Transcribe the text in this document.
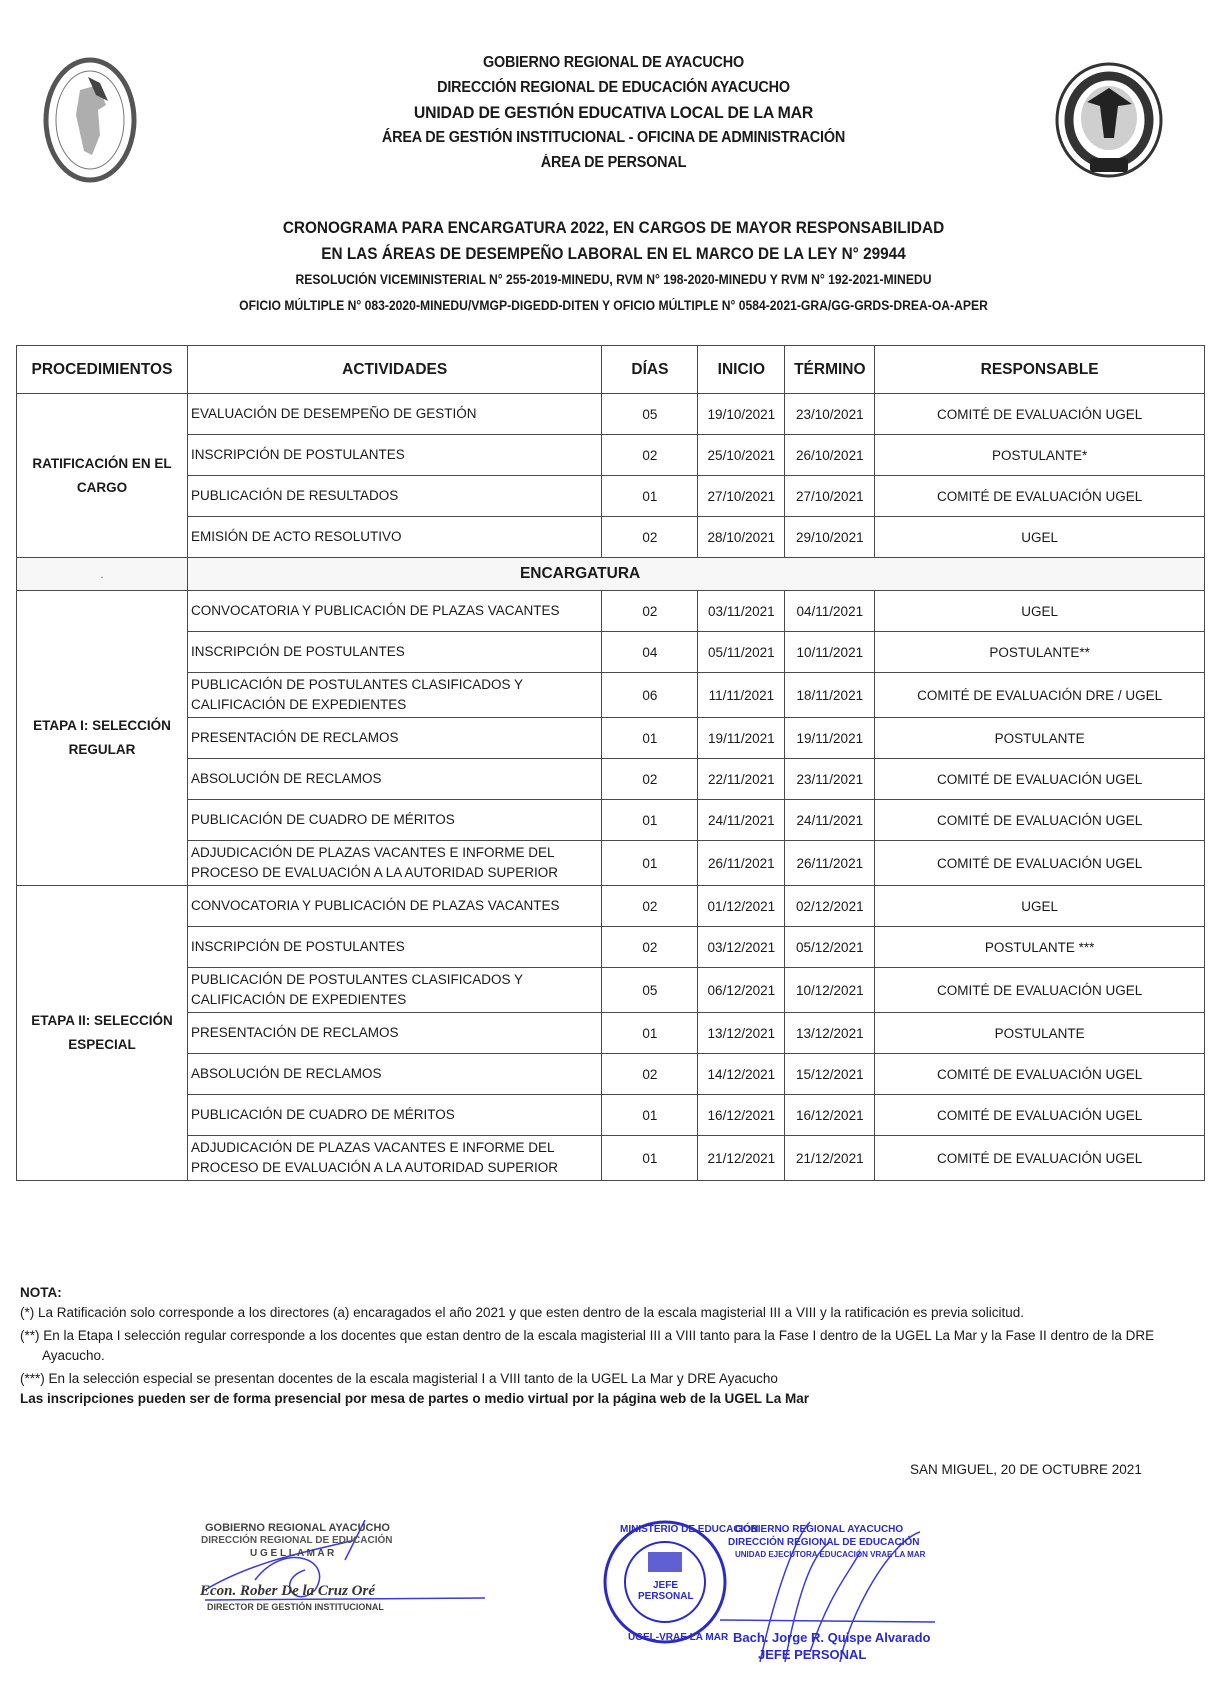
GOBIERNO REGIONAL DE AYACUCHO
DIRECCIÓN REGIONAL DE EDUCACIÓN AYACUCHO
UNIDAD DE GESTIÓN EDUCATIVA LOCAL DE LA MAR
ÁREA DE GESTIÓN INSTITUCIONAL - OFICINA DE ADMINISTRACIÓN
ÁREA DE PERSONAL
CRONOGRAMA PARA ENCARGATURA 2022, EN CARGOS DE MAYOR RESPONSABILIDAD
EN LAS ÁREAS DE DESEMPEÑO LABORAL EN EL MARCO DE LA LEY N° 29944
RESOLUCIÓN VICEMINISTERIAL N° 255-2019-MINEDU, RVM N° 198-2020-MINEDU Y RVM N° 192-2021-MINEDU
OFICIO MÚLTIPLE N° 083-2020-MINEDU/VMGP-DIGEDD-DITEN Y OFICIO MÚLTIPLE N° 0584-2021-GRA/GG-GRDS-DREA-OA-APER
PROCEDIMIENTOS	ACTIVIDADES	DÍAS	INICIO	TÉRMINO	RESPONSABLE
RATIFICACIÓN EN EL CARGO	EVALUACIÓN DE DESEMPEÑO DE GESTIÓN	05	19/10/2021	23/10/2021	COMITÉ DE EVALUACIÓN UGEL
	INSCRIPCIÓN DE POSTULANTES	02	25/10/2021	26/10/2021	POSTULANTE*
	PUBLICACIÓN DE RESULTADOS	01	27/10/2021	27/10/2021	COMITÉ DE EVALUACIÓN UGEL
	EMISIÓN DE ACTO RESOLUTIVO	02	28/10/2021	29/10/2021	UGEL
.	ENCARGATURA				
ETAPA I: SELECCIÓN REGULAR	CONVOCATORIA Y PUBLICACIÓN DE PLAZAS VACANTES	02	03/11/2021	04/11/2021	UGEL
	INSCRIPCIÓN DE POSTULANTES	04	05/11/2021	10/11/2021	POSTULANTE**
	PUBLICACIÓN DE POSTULANTES CLASIFICADOS Y CALIFICACIÓN DE EXPEDIENTES	06	11/11/2021	18/11/2021	COMITÉ DE EVALUACIÓN DRE / UGEL
	PRESENTACIÓN DE RECLAMOS	01	19/11/2021	19/11/2021	POSTULANTE
	ABSOLUCIÓN DE RECLAMOS	02	22/11/2021	23/11/2021	COMITÉ DE EVALUACIÓN UGEL
	PUBLICACIÓN DE CUADRO DE MÉRITOS	01	24/11/2021	24/11/2021	COMITÉ DE EVALUACIÓN UGEL
	ADJUDICACIÓN DE PLAZAS VACANTES E INFORME DEL PROCESO DE EVALUACIÓN A LA AUTORIDAD SUPERIOR	01	26/11/2021	26/11/2021	COMITÉ DE EVALUACIÓN UGEL
ETAPA II: SELECCIÓN ESPECIAL	CONVOCATORIA Y PUBLICACIÓN DE PLAZAS VACANTES	02	01/12/2021	02/12/2021	UGEL
	INSCRIPCIÓN DE POSTULANTES	02	03/12/2021	05/12/2021	POSTULANTE ***
	PUBLICACIÓN DE POSTULANTES CLASIFICADOS Y CALIFICACIÓN DE EXPEDIENTES	05	06/12/2021	10/12/2021	COMITÉ DE EVALUACIÓN UGEL
	PRESENTACIÓN DE RECLAMOS	01	13/12/2021	13/12/2021	POSTULANTE
	ABSOLUCIÓN DE RECLAMOS	02	14/12/2021	15/12/2021	COMITÉ DE EVALUACIÓN UGEL
	PUBLICACIÓN DE CUADRO DE MÉRITOS	01	16/12/2021	16/12/2021	COMITÉ DE EVALUACIÓN UGEL
	ADJUDICACIÓN DE PLAZAS VACANTES E INFORME DEL PROCESO DE EVALUACIÓN A LA AUTORIDAD SUPERIOR	01	21/12/2021	21/12/2021	COMITÉ DE EVALUACIÓN UGEL
NOTA:
(*) La Ratificación solo corresponde a los directores (a) encaragados el año 2021 y que esten dentro de la escala magisterial III a VIII y la ratificación es previa solicitud.
(**) En la Etapa I selección regular corresponde a los docentes que estan dentro de la escala magisterial III a VIII tanto para la Fase I dentro de la UGEL La Mar y la Fase II dentro de la DRE Ayacucho.
(***) En la selección especial se presentan docentes de la escala magisterial I a VIII tanto de la UGEL La Mar y DRE Ayacucho
Las inscripciones pueden ser de forma presencial por mesa de partes o medio virtual por la página web de la UGEL La Mar
SAN MIGUEL, 20 DE OCTUBRE 2021
GOBIERNO REGIONAL AYACUCHO
DIRECCIÓN REGIONAL DE EDUCACIÓN
U G E L L A M A R
Econ. Rober De la Cruz Oré
DIRECTOR DE GESTIÓN INSTITUCIONAL
MINISTERIO DE EDUCACIÓN
JEFE PERSONAL
UGEL-VRAE LA MAR
GOBIERNO REGIONAL AYACUCHO
DIRECCIÓN REGIONAL DE EDUCACIÓN
UNIDAD EJECUTORA EDUCACIÓN VRAE LA MAR
Bach. Jorge R. Quispe Alvarado
JEFE PERSONAL
